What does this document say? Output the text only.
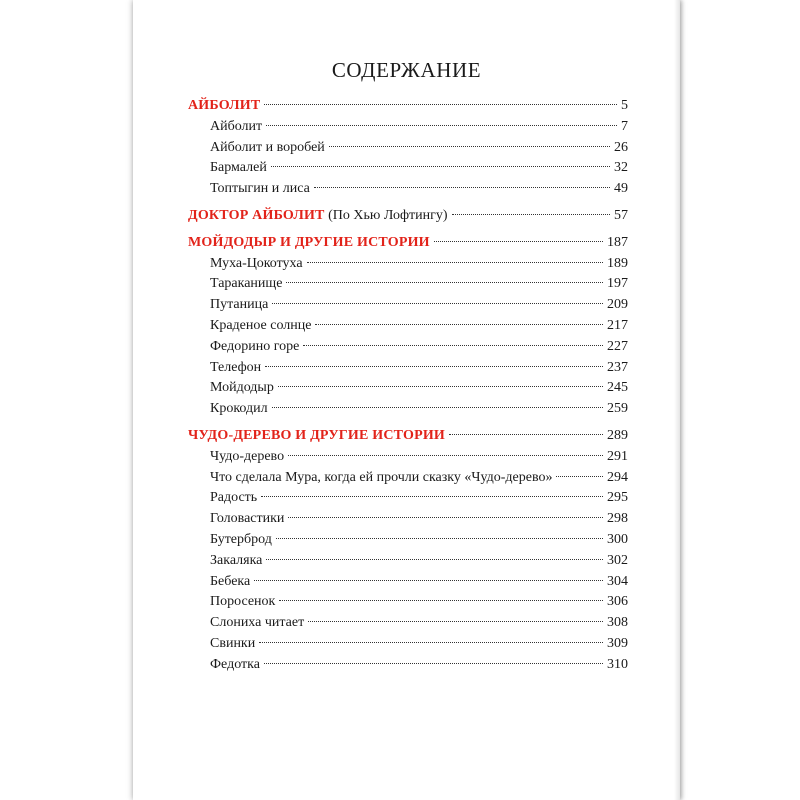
СОДЕРЖАНИЕ
АЙБОЛИТ	5
Айболит	7
Айболит и воробей	26
Бармалей	32
Топтыгин и лиса	49
ДОКТОР АЙБОЛИТ (По Хью Лофтингу)	57
МОЙДОДЫР И ДРУГИЕ ИСТОРИИ	187
Муха-Цокотуха	189
Тараканище	197
Путаница	209
Краденое солнце	217
Федорино горе	227
Телефон	237
Мойдодыр	245
Крокодил	259
ЧУДО-ДЕРЕВО И ДРУГИЕ ИСТОРИИ	289
Чудо-дерево	291
Что сделала Мура, когда ей прочли сказку «Чудо-дерево»	294
Радость	295
Головастики	298
Бутерброд	300
Закаляка	302
Бебека	304
Поросенок	306
Слониха читает	308
Свинки	309
Федотка	310
